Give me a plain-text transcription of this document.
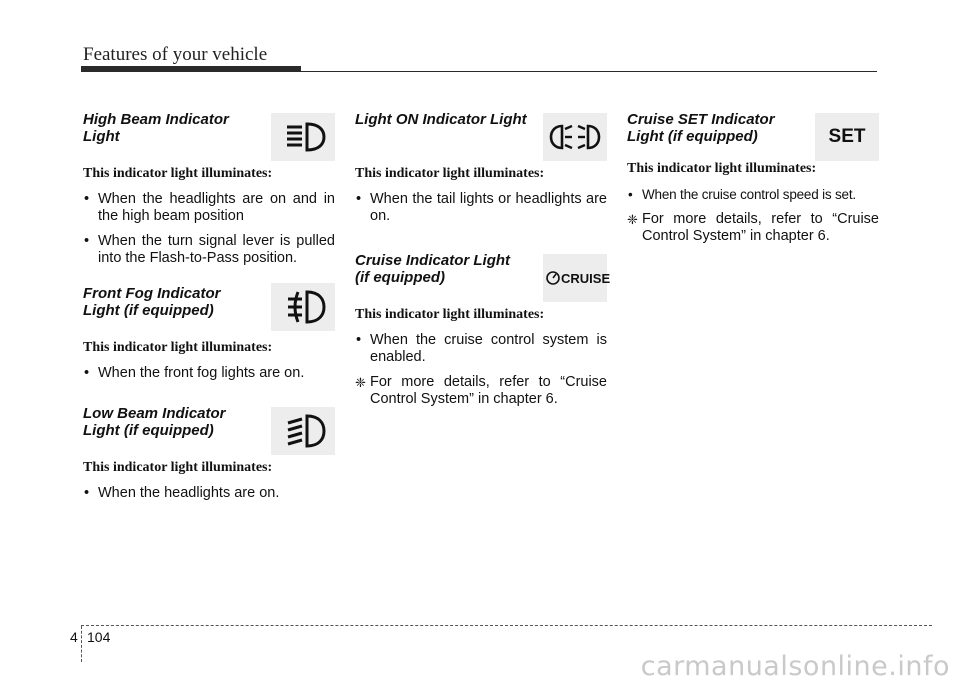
Features of your vehicle
High Beam Indicator Light
This indicator light illuminates:
• When the headlights are on and in the high beam position
• When the turn signal lever is pulled into the Flash-to-Pass position.
Front Fog Indicator Light (if equipped)
This indicator light illuminates:
• When the front fog lights are on.
Low Beam Indicator Light (if equipped)
This indicator light illuminates:
• When the headlights are on.
Light ON Indicator Light
This indicator light illuminates:
• When the tail lights or headlights are on.
Cruise Indicator Light (if equipped)	CRUISE
This indicator light illuminates:
• When the cruise control system is enabled.
❈ For more details, refer to “Cruise Control System” in chapter 6.
Cruise SET Indicator Light (if equipped)	SET
This indicator light illuminates:
• When the cruise control speed is set.
❈ For more details, refer to “Cruise Control System” in chapter 6.
4 104
carmanualsonline.info
